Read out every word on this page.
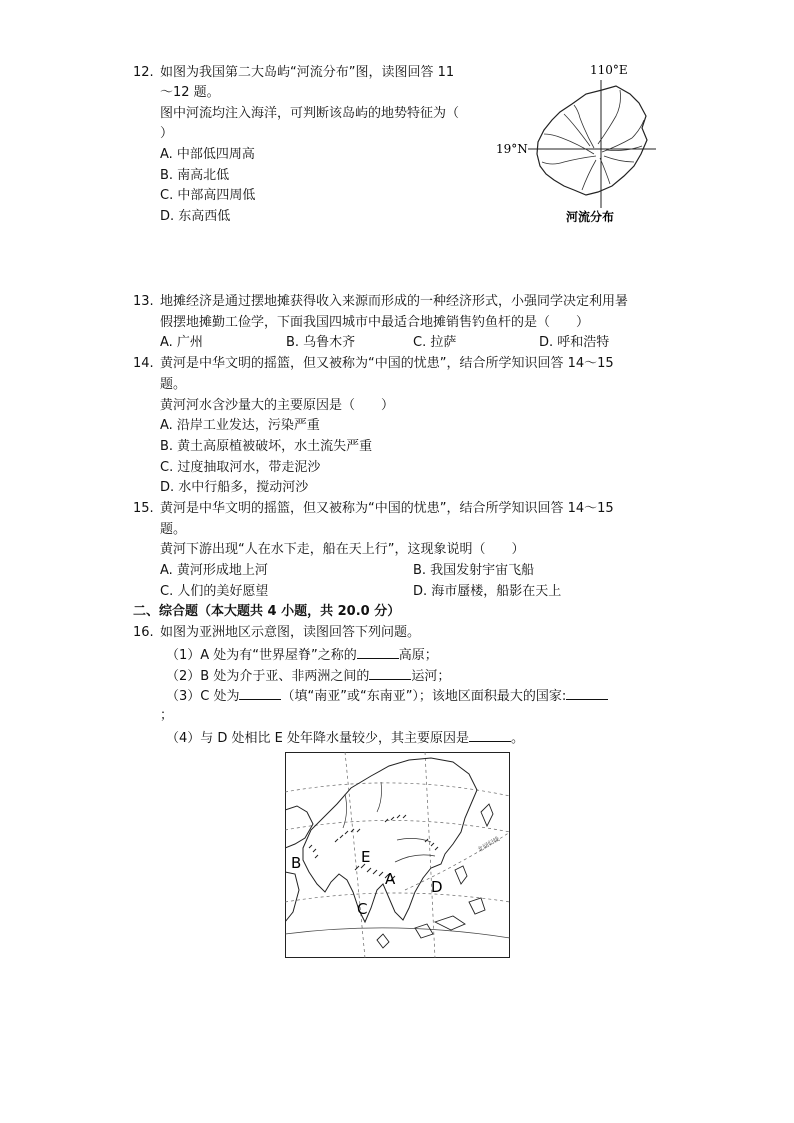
12. 如图为我国第二大岛屿“河流分布”图，读图回答 11
～12 题。
图中河流均注入海洋，可判断该岛屿的地势特征为（
）
A. 中部低四周高
B. 南高北低
C. 中部高四周低
D. 东高西低
110°E
19°N
河流分布
13. 地摊经济是通过摆地摊获得收入来源而形成的一种经济形式，小强同学决定利用暑
假摆地摊勤工俭学，下面我国四城市中最适合地摊销售钓鱼杆的是（　　）
A. 广州	B. 乌鲁木齐	C. 拉萨	D. 呼和浩特
14. 黄河是中华文明的摇篮，但又被称为“中国的忧患”，结合所学知识回答 14～15
题。
黄河河水含沙量大的主要原因是（　　）
A. 沿岸工业发达，污染严重
B. 黄土高原植被破坏，水土流失严重
C. 过度抽取河水，带走泥沙
D. 水中行船多，搅动河沙
15. 黄河是中华文明的摇篮，但又被称为“中国的忧患”，结合所学知识回答 14～15
题。
黄河下游出现“人在水下走，船在天上行”，这现象说明（　　）
A. 黄河形成地上河	B. 我国发射宇宙飞船
C. 人们的美好愿望	D. 海市蜃楼，船影在天上
二、综合题（本大题共 4 小题，共 20.0 分）
16. 如图为亚洲地区示意图，读图回答下列问题。
（1）A 处为有“世界屋脊”之称的	高原；
（2）B 处为介于亚、非两洲之间的	运河；
（3）C 处为	（填“南亚”或“东南亚”）；该地区面积最大的国家:
；
（4）与 D 处相比 E 处年降水量较少，其主要原因是	。
B	E
A D
C
北回归线
